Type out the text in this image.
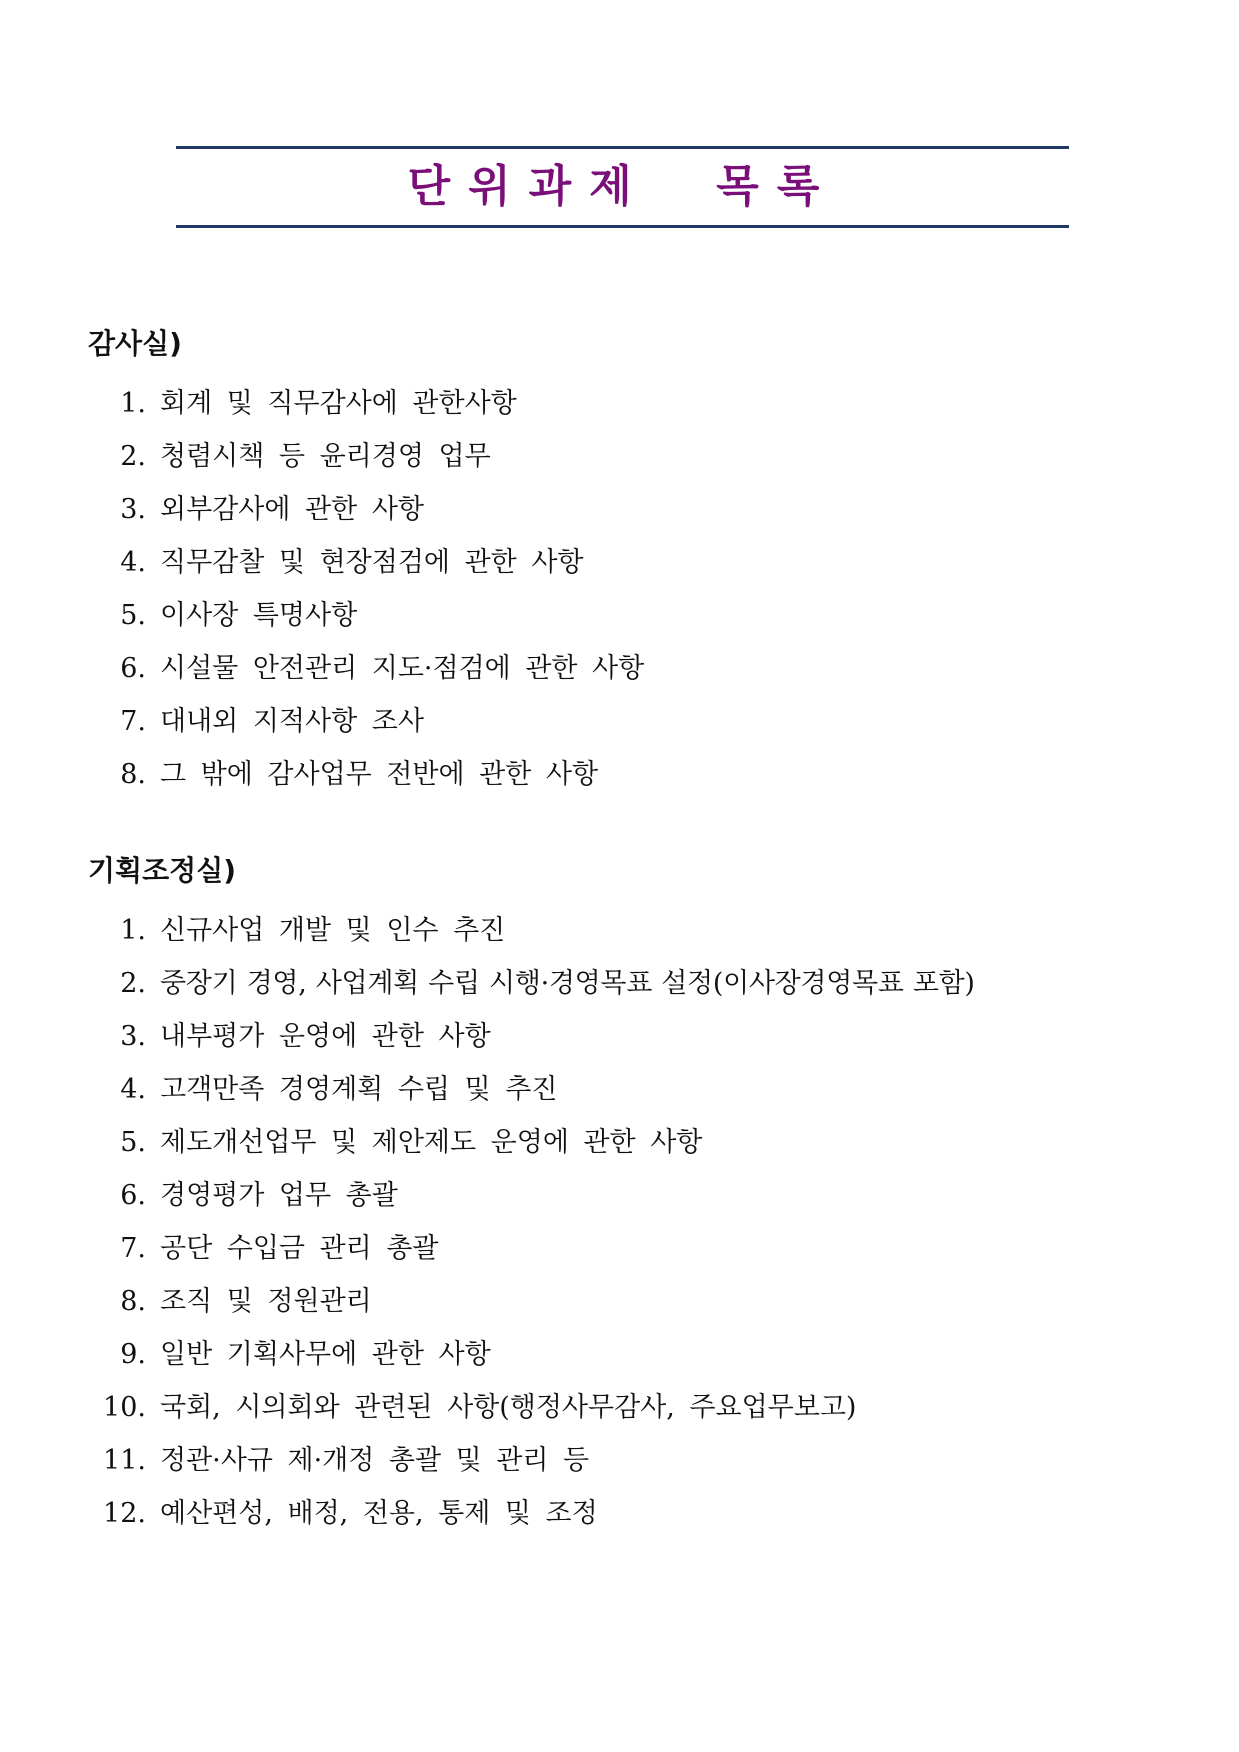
단위과제  목록
감사실)
1. 회계 및 직무감사에 관한사항
2. 청렴시책 등 윤리경영 업무
3. 외부감사에 관한 사항
4. 직무감찰 및 현장점검에 관한 사항
5. 이사장 특명사항
6. 시설물 안전관리 지도·점검에 관한 사항
7. 대내외 지적사항 조사
8. 그 밖에 감사업무 전반에 관한 사항
기획조정실)
1. 신규사업 개발 및 인수 추진
2. 중장기 경영, 사업계획 수립 시행·경영목표 설정(이사장경영목표 포함)
3. 내부평가 운영에 관한 사항
4. 고객만족 경영계획 수립 및 추진
5. 제도개선업무 및 제안제도 운영에 관한 사항
6. 경영평가 업무 총괄
7. 공단 수입금 관리 총괄
8. 조직 및 정원관리
9. 일반 기획사무에 관한 사항
10. 국회, 시의회와 관련된 사항(행정사무감사, 주요업무보고)
11. 정관·사규 제·개정 총괄 및 관리 등
12. 예산편성, 배정, 전용, 통제 및 조정
